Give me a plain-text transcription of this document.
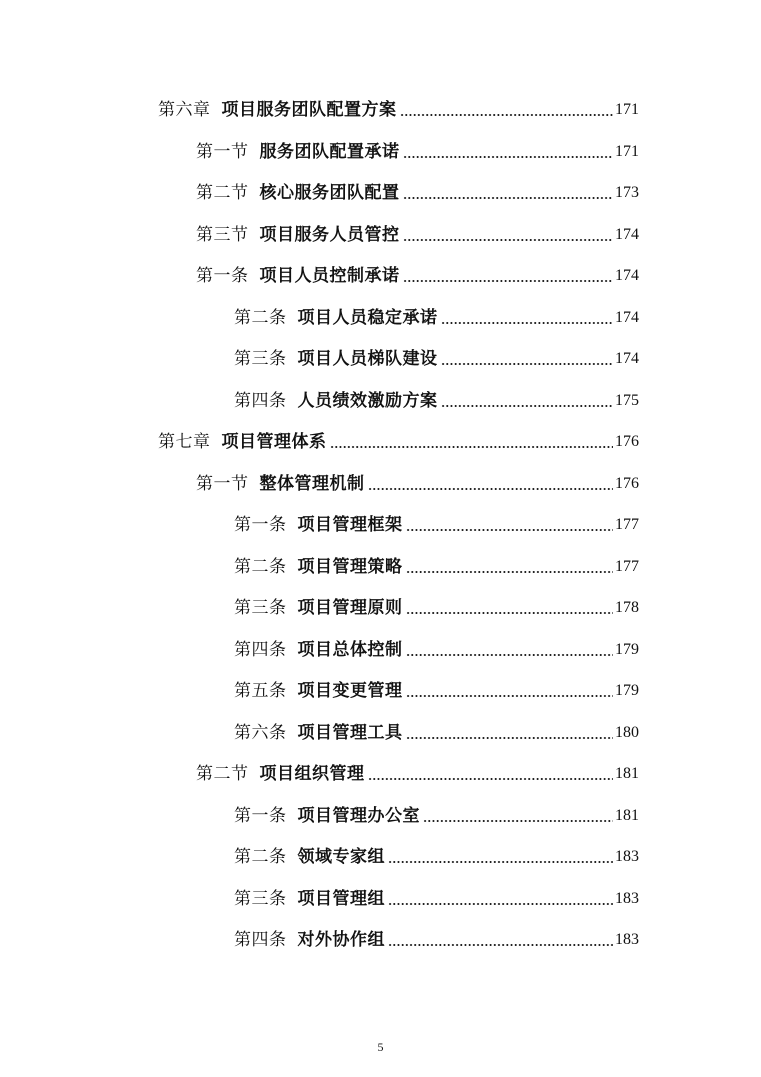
第六章 项目服务团队配置方案	171
第一节 服务团队配置承诺	171
第二节 核心服务团队配置	173
第三节 项目服务人员管控	174
第一条 项目人员控制承诺	174
第二条 项目人员稳定承诺	174
第三条 项目人员梯队建设	174
第四条 人员绩效激励方案	175
第七章 项目管理体系	176
第一节 整体管理机制	176
第一条 项目管理框架	177
第二条 项目管理策略	177
第三条 项目管理原则	178
第四条 项目总体控制	179
第五条 项目变更管理	179
第六条 项目管理工具	180
第二节 项目组织管理	181
第一条 项目管理办公室	181
第二条 领域专家组	183
第三条 项目管理组	183
第四条 对外协作组	183
5
